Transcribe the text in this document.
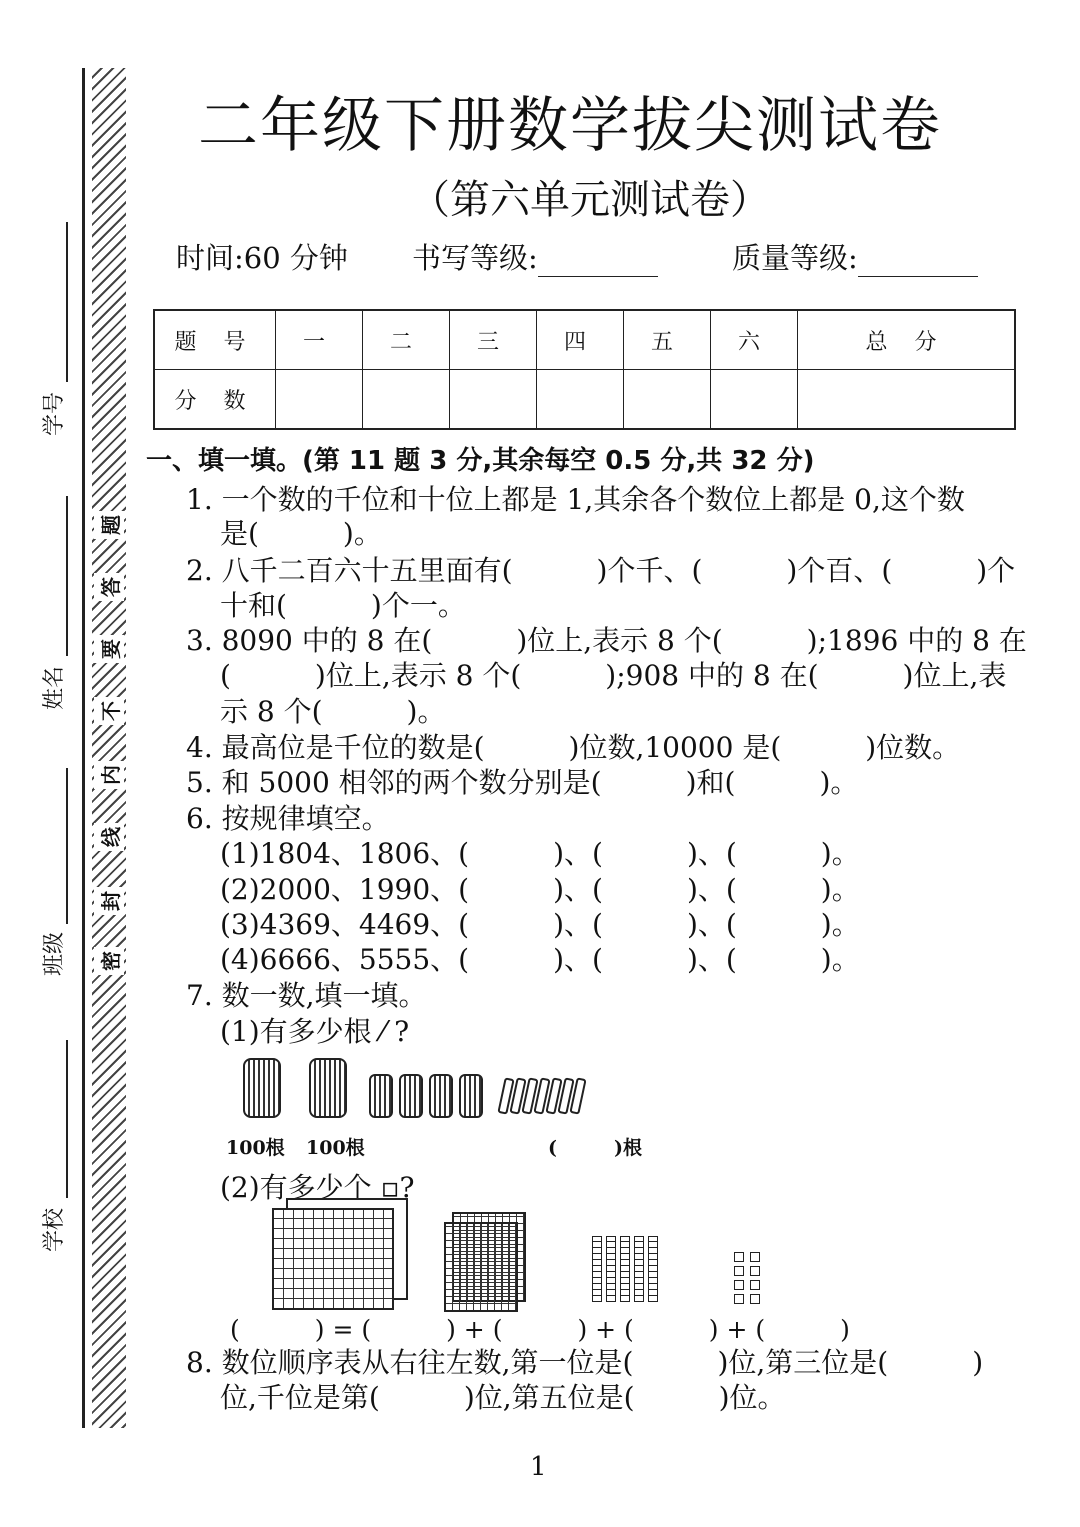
题
答
要
不
内
线
封
密
学号
姓名
班级
学校
二年级下册数学拔尖测试卷
（第六单元测试卷）
时间:60 分钟 书写等级:	质量等级:
题 号	一	二	三	四	五	六	总 分
分 数							
一、填一填。(第 11 题 3 分,其余每空 0.5 分,共 32 分)
1. 一个数的千位和十位上都是 1,其余各个数位上都是 0,这个数
是(　　　)。
2. 八千二百六十五里面有(　　　)个千、(　　　)个百、(　　　)个
十和(　　　)个一。
3. 8090 中的 8 在(　　　)位上,表示 8 个(　　　);1896 中的 8 在
(　　　)位上,表示 8 个(　　　);908 中的 8 在(　　　)位上,表
示 8 个(　　　)。
4. 最高位是千位的数是(　　　)位数,10000 是(　　　)位数。
5. 和 5000 相邻的两个数分别是(　　　)和(　　　)。
6. 按规律填空。
(1)1804、1806、(　　　)、(　　　)、(　　　)。
(2)2000、1990、(　　　)、(　　　)、(　　　)。
(3)4369、4469、(　　　)、(　　　)、(　　　)。
(4)6666、5555、(　　　)、(　　　)、(　　　)。
7. 数一数,填一填。
(1)有多少根 ⁄ ?
100根 100根	(　　　)根
(2)有多少个 ▫?
(　　　) = (　　　) + (　　　) + (　　　) + (　　　)
8. 数位顺序表从右往左数,第一位是(　　　)位,第三位是(　　　)
位,千位是第(　　　)位,第五位是(　　　)位。
1
